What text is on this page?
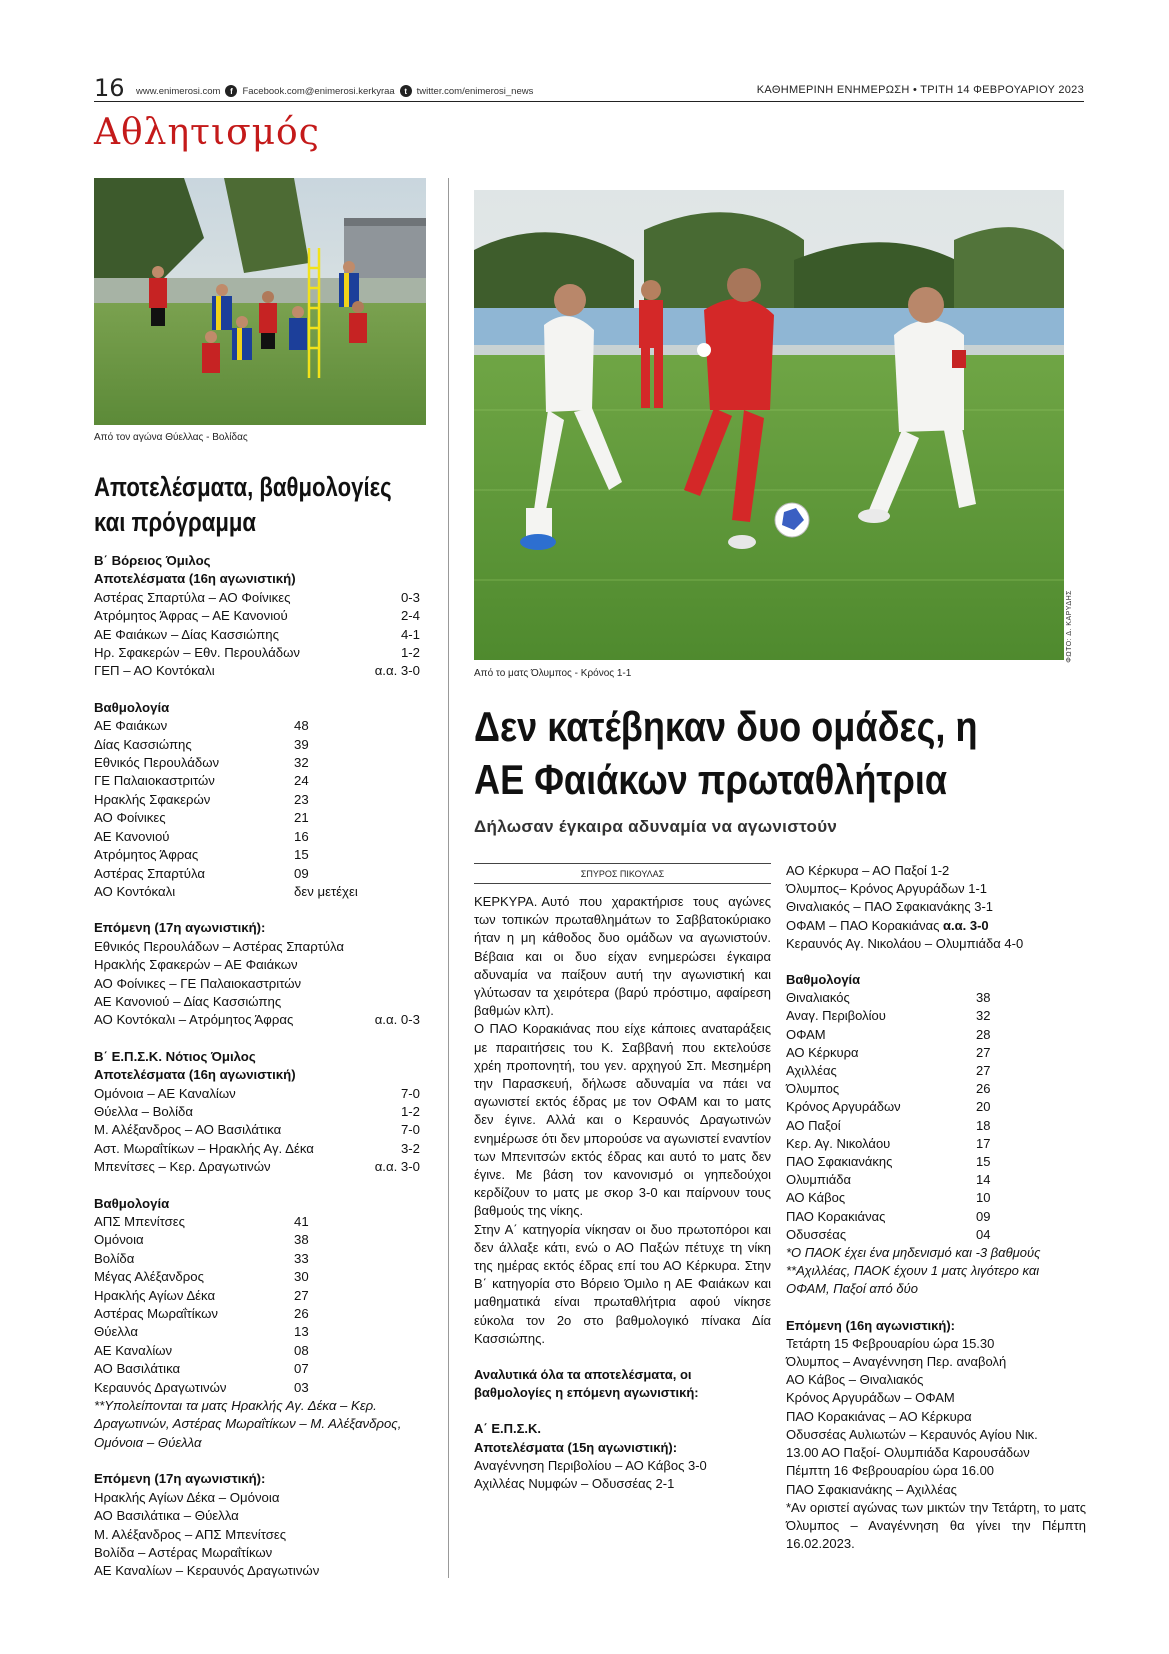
16 www.enimerosi.com	f	Facebook.com@enimerosi.kerkyraa	t	twitter.com/enimerosi_news	ΚΑΘΗΜΕΡΙΝΗ ΕΝΗΜΕΡΩΣΗ • ΤΡΙΤΗ 14 ΦΕΒΡΟΥΑΡΙΟΥ 2023
Αθλητισμός
Από τον αγώνα Θύελλας - Βολίδας
ΦΩΤΟ: Δ. ΚΑΡΥΔΗΣ
Από το ματς Όλυμπος - Κρόνος 1-1
Αποτελέσματα, βαθμολογίες και πρόγραμμα
Β΄ Βόρειος Όμιλος
Αποτελέσματα (16η αγωνιστική)
Αστέρας Σπαρτύλα – ΑΟ Φοίνικες	0-3
Ατρόμητος Άφρας – ΑΕ Κανονιού	2-4
ΑΕ Φαιάκων – Δίας Κασσιώπης	4-1
Ηρ. Σφακερών – Εθν. Περουλάδων	1-2
ΓΕΠ – ΑΟ Κοντόκαλι	α.α. 3-0
Βαθμολογία
ΑΕ Φαιάκων	48
Δίας Κασσιώπης	39
Εθνικός Περουλάδων	32
ΓΕ Παλαιοκαστριτών	24
Ηρακλής Σφακερών	23
ΑΟ Φοίνικες	21
ΑΕ Κανονιού	16
Ατρόμητος Άφρας	15
Αστέρας Σπαρτύλα	09
ΑΟ Κοντόκαλι	δεν μετέχει
Επόμενη (17η αγωνιστική):
Εθνικός Περουλάδων – Αστέρας Σπαρτύλα
Ηρακλής Σφακερών – ΑΕ Φαιάκων
ΑΟ Φοίνικες – ΓΕ Παλαιοκαστριτών
ΑΕ Κανονιού – Δίας Κασσιώπης
ΑΟ Κοντόκαλι – Ατρόμητος Άφρας	α.α. 0-3
Β΄ Ε.Π.Σ.Κ. Νότιος Όμιλος
Αποτελέσματα (16η αγωνιστική)
Ομόνοια – ΑΕ Καναλίων	7-0
Θύελλα – Βολίδα	1-2
Μ. Αλέξανδρος – ΑΟ Βασιλάτικα	7-0
Αστ. Μωραΐτίκων – Ηρακλής Αγ. Δέκα	3-2
Μπενίτσες – Κερ. Δραγωτινών	α.α. 3-0
Βαθμολογία
ΑΠΣ Μπενίτσες	41
Ομόνοια	38
Βολίδα	33
Μέγας Αλέξανδρος	30
Ηρακλής Αγίων Δέκα	27
Αστέρας Μωραΐτίκων	26
Θύελλα	13
ΑΕ Καναλίων	08
ΑΟ Βασιλάτικα	07
Κεραυνός Δραγωτινών	03
**Υπολείπονται τα ματς Ηρακλής Αγ. Δέκα – Κερ. Δραγωτινών, Αστέρας Μωραΐτίκων – Μ. Αλέξανδρος, Ομόνοια – Θύελλα
Επόμενη (17η αγωνιστική):
Ηρακλής Αγίων Δέκα – Ομόνοια
ΑΟ Βασιλάτικα – Θύελλα
Μ. Αλέξανδρος – ΑΠΣ Μπενίτσες
Βολίδα – Αστέρας Μωραΐτίκων
ΑΕ Καναλίων – Κεραυνός Δραγωτινών
Δεν κατέβηκαν δυο ομάδες, η ΑΕ Φαιάκων πρωταθλήτρια
Δήλωσαν έγκαιρα αδυναμία να αγωνιστούν
ΣΠΥΡΟΣ ΠΙΚΟΥΛΑΣ

ΚΕΡΚΥΡΑ. Αυτό που χαρακτήρισε τους αγώνες των τοπικών πρωταθλημάτων το Σαββατοκύριακο ήταν η μη κάθοδος δυο ομάδων να αγωνιστούν. Βέβαια και οι δυο είχαν ενημερώσει έγκαιρα αδυναμία να παίξουν αυτή την αγωνιστική και γλύτωσαν τα χειρότερα (βαρύ πρόστιμο, αφαίρεση βαθμών κλπ).

Ο ΠΑΟ Κορακιάνας που είχε κάποιες αναταράξεις με παραιτήσεις του Κ. Σαββανή που εκτελούσε χρέη προπονητή, του γεν. αρχηγού Σπ. Μεσημέρη την Παρασκευή, δήλωσε αδυναμία να πάει να αγωνιστεί εκτός έδρας με τον ΟΦΑΜ και το ματς δεν έγινε. Αλλά και ο Κεραυνός Δραγωτινών ενημέρωσε ότι δεν μπορούσε να αγωνιστεί εναντίον των Μπενιτσών εκτός έδρας και αυτό το ματς δεν έγινε. Με βάση τον κανονισμό οι γηπεδούχοι κερδίζουν το ματς με σκορ 3-0 και παίρνουν τους βαθμούς της νίκης.

Στην Α΄ κατηγορία νίκησαν οι δυο πρωτοπόροι και δεν άλλαξε κάτι, ενώ ο ΑΟ Παξών πέτυχε τη νίκη της ημέρας εκτός έδρας επί του ΑΟ Κέρκυρα. Στην Β΄ κατηγορία στο Βόρειο Όμιλο η ΑΕ Φαιάκων και μαθηματικά είναι πρωταθλήτρια αφού νίκησε εύκολα τον 2ο στο βαθμολογικό πίνακα Δία Κασσιώπης.

Αναλυτικά όλα τα αποτελέσματα, οι βαθμολογίες η επόμενη αγωνιστική:

Α΄ Ε.Π.Σ.Κ.
Αποτελέσματα (15η αγωνιστική):
Αναγέννηση Περιβολίου – ΑΟ Κάβος 3-0
Αχιλλέας Νυμφών – Οδυσσέας 2-1
ΑΟ Κέρκυρα – ΑΟ Παξοί 1-2
Όλυμπος– Κρόνος Αργυράδων 1-1
Θιναλιακός – ΠΑΟ Σφακιανάκης 3-1
ΟΦΑΜ – ΠΑΟ Κορακιάνας α.α. 3-0
Κεραυνός Αγ. Νικολάου – Ολυμπιάδα 4-0
Βαθμολογία
Θιναλιακός	38
Αναγ. Περιβολίου	32
ΟΦΑΜ	28
ΑΟ Κέρκυρα	27
Αχιλλέας	27
Όλυμπος	26
Κρόνος Αργυράδων	20
ΑΟ Παξοί	18
Κερ. Αγ. Νικολάου	17
ΠΑΟ Σφακιανάκης	15
Ολυμπιάδα	14
ΑΟ Κάβος	10
ΠΑΟ Κορακιάνας	09
Οδυσσέας	04
*Ο ΠΑΟΚ έχει ένα μηδενισμό και -3 βαθμούς
**Αχιλλέας, ΠΑΟΚ έχουν 1 ματς λιγότερο και ΟΦΑΜ, Παξοί από δύο
Επόμενη (16η αγωνιστική):
Τετάρτη 15 Φεβρουαρίου ώρα 15.30
Όλυμπος – Αναγέννηση Περ. αναβολή
ΑΟ Κάβος – Θιναλιακός
Κρόνος Αργυράδων – ΟΦΑΜ
ΠΑΟ Κορακιάνας – ΑΟ Κέρκυρα
Οδυσσέας Αυλιωτών – Κεραυνός Αγίου Νικ.
13.00 ΑΟ Παξοί- Ολυμπιάδα Καρουσάδων
Πέμπτη 16 Φεβρουαρίου ώρα 16.00
ΠΑΟ Σφακιανάκης – Αχιλλέας
*Αν οριστεί αγώνας των μικτών την Τετάρτη, το ματς Όλυμπος – Αναγέννηση θα γίνει την Πέμπτη 16.02.2023.
